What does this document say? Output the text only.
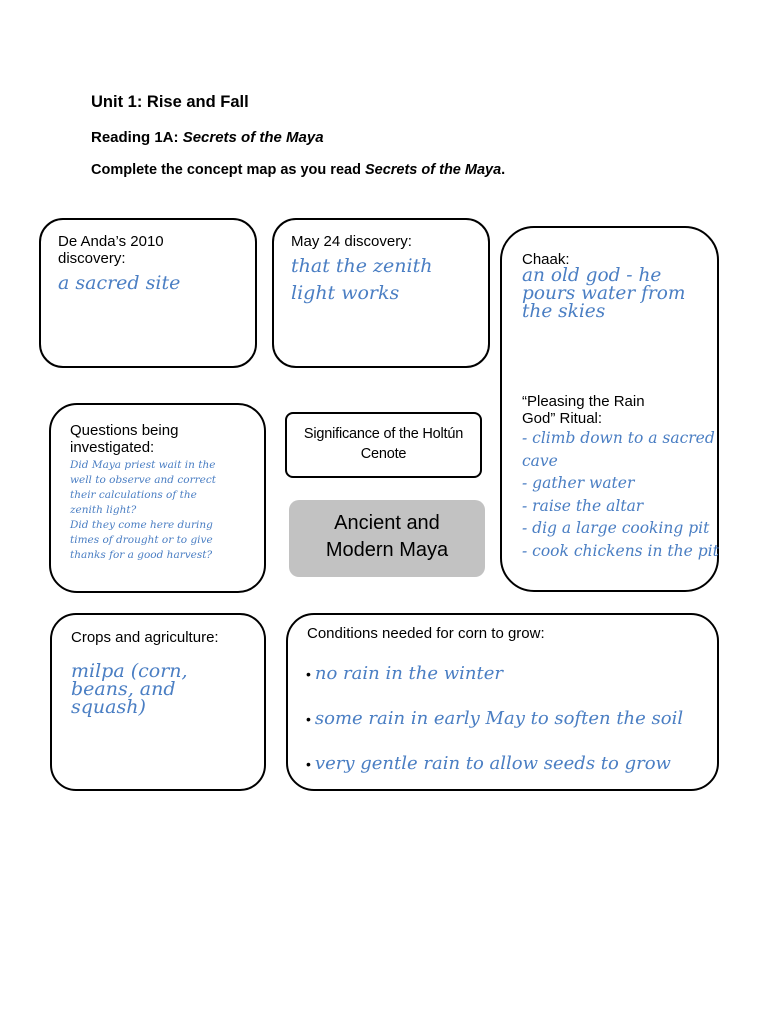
Unit 1: Rise and Fall
Reading 1A: Secrets of the Maya
Complete the concept map as you read Secrets of the Maya.
De Anda’s 2010 discovery:
a sacred site
May 24 discovery:
that the zenith light works
Chaak:
an old god - he pours water from the skies
“Pleasing the Rain God” Ritual:
- climb down to a sacred
cave
- gather water
- raise the altar
- dig a large cooking pit
- cook chickens in the pit
Questions being investigated:
Did Maya priest wait in the well to observe and correct their calculations of the zenith light?
Did they come here during times of drought or to give thanks for a good harvest?
Significance of the Holtún Cenote
Ancient and Modern Maya
Crops and agriculture:
milpa (corn, beans, and squash)
Conditions needed for corn to grow:
• no rain in the winter
• some rain in early May to soften the soil
• very gentle rain to allow seeds to grow
